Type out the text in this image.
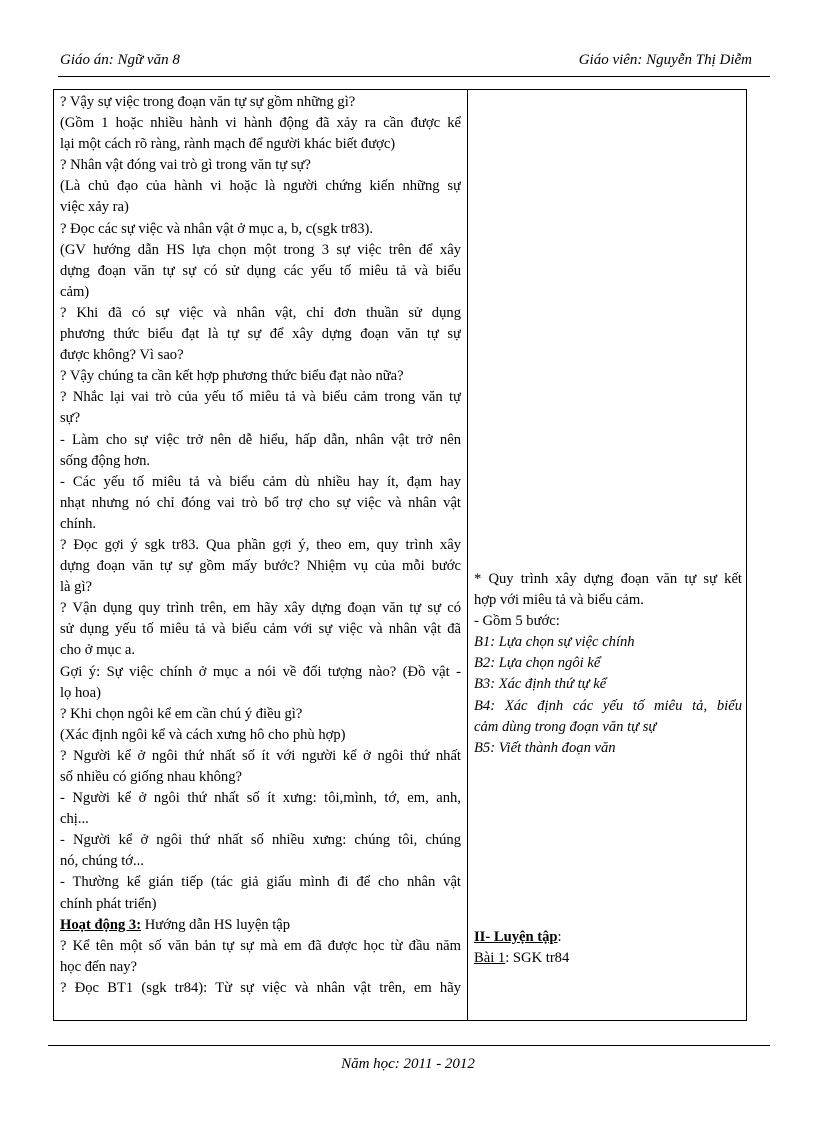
Giáo án: Ngữ văn 8	Giáo viên: Nguyễn Thị Diễm
? Vậy sự việc trong đoạn văn tự sự gồm những gì?
(Gồm 1 hoặc nhiều hành vi hành động đã xảy ra cần được kể
lại một cách rõ ràng, rành mạch để người khác biết được)
? Nhân vật đóng vai trò gì trong văn tự sự?
(Là chủ đạo của hành vi hoặc là người chứng kiến những sự
việc xảy ra)
? Đọc các sự việc và nhân vật ở mục a, b, c(sgk tr83).
(GV hướng dẫn HS lựa chọn một trong 3 sự việc trên để xây
dựng đoạn văn tự sự có sử dụng các yếu tố miêu tả và biểu
cảm)
? Khi đã có sự việc và nhân vật, chỉ đơn thuần sử dụng
phương thức biểu đạt là tự sự để xây dựng đoạn văn tự sự
được không? Vì sao?
? Vậy chúng ta cần kết hợp phương thức biểu đạt nào nữa?
? Nhắc lại vai trò của yếu tố miêu tả và biểu cảm trong văn tự
sự?
- Làm cho sự việc trở nên dễ hiểu, hấp dẫn, nhân vật trở nên
sống động hơn.
- Các yếu tố miêu tả và biểu cảm dù nhiều hay ít, đạm hay
nhạt nhưng nó chỉ đóng vai trò bổ trợ cho sự việc và nhân vật
chính.
? Đọc gợi ý sgk tr83. Qua phần gợi ý, theo em, quy trình xây
dựng đoạn văn tự sự gồm mấy bước? Nhiệm vụ của mỗi bước
là gì?
? Vận dụng quy trình trên, em hãy xây dựng đoạn văn tự sự có
sử dụng yếu tố miêu tả và biểu cảm với sự việc và nhân vật đã
cho ở mục a.
Gợi ý: Sự việc chính ở mục a nói về đối tượng nào? (Đồ vật -
lọ hoa)
? Khi chọn ngôi kể em cần chú ý điều gì?
(Xác định ngôi kể và cách xưng hô cho phù hợp)
? Người kể ở ngôi thứ nhất số ít với người kể ở ngôi thứ nhất
số nhiều có giống nhau không?
- Người kể ở ngôi thứ nhất số ít xưng: tôi,mình, tớ, em, anh,
chị...
- Người kể ở ngôi thứ nhất số nhiều xưng: chúng tôi, chúng
nó, chúng tớ...
- Thường kể gián tiếp (tác giả giấu mình đi để cho nhân vật
chính phát triển)
Hoạt động 3: Hướng dẫn HS luyện tập
? Kể tên một số văn bản tự sự mà em đã được học từ đầu năm
học đến nay?
? Đọc BT1 (sgk tr84): Từ sự việc và nhân vật trên, em hãy
* Quy trình xây dựng đoạn văn tự sự kết
hợp với miêu tả và biểu cảm.
- Gồm 5 bước:
B1: Lựa chọn sự việc chính
B2: Lựa chọn ngôi kể
B3: Xác định thứ tự kể
B4: Xác định các yếu tố miêu tả, biểu
cảm dùng trong đoạn văn tự sự
B5: Viết thành đoạn văn
II- Luyện tập:
Bài 1: SGK tr84
Năm học: 2011 - 2012
